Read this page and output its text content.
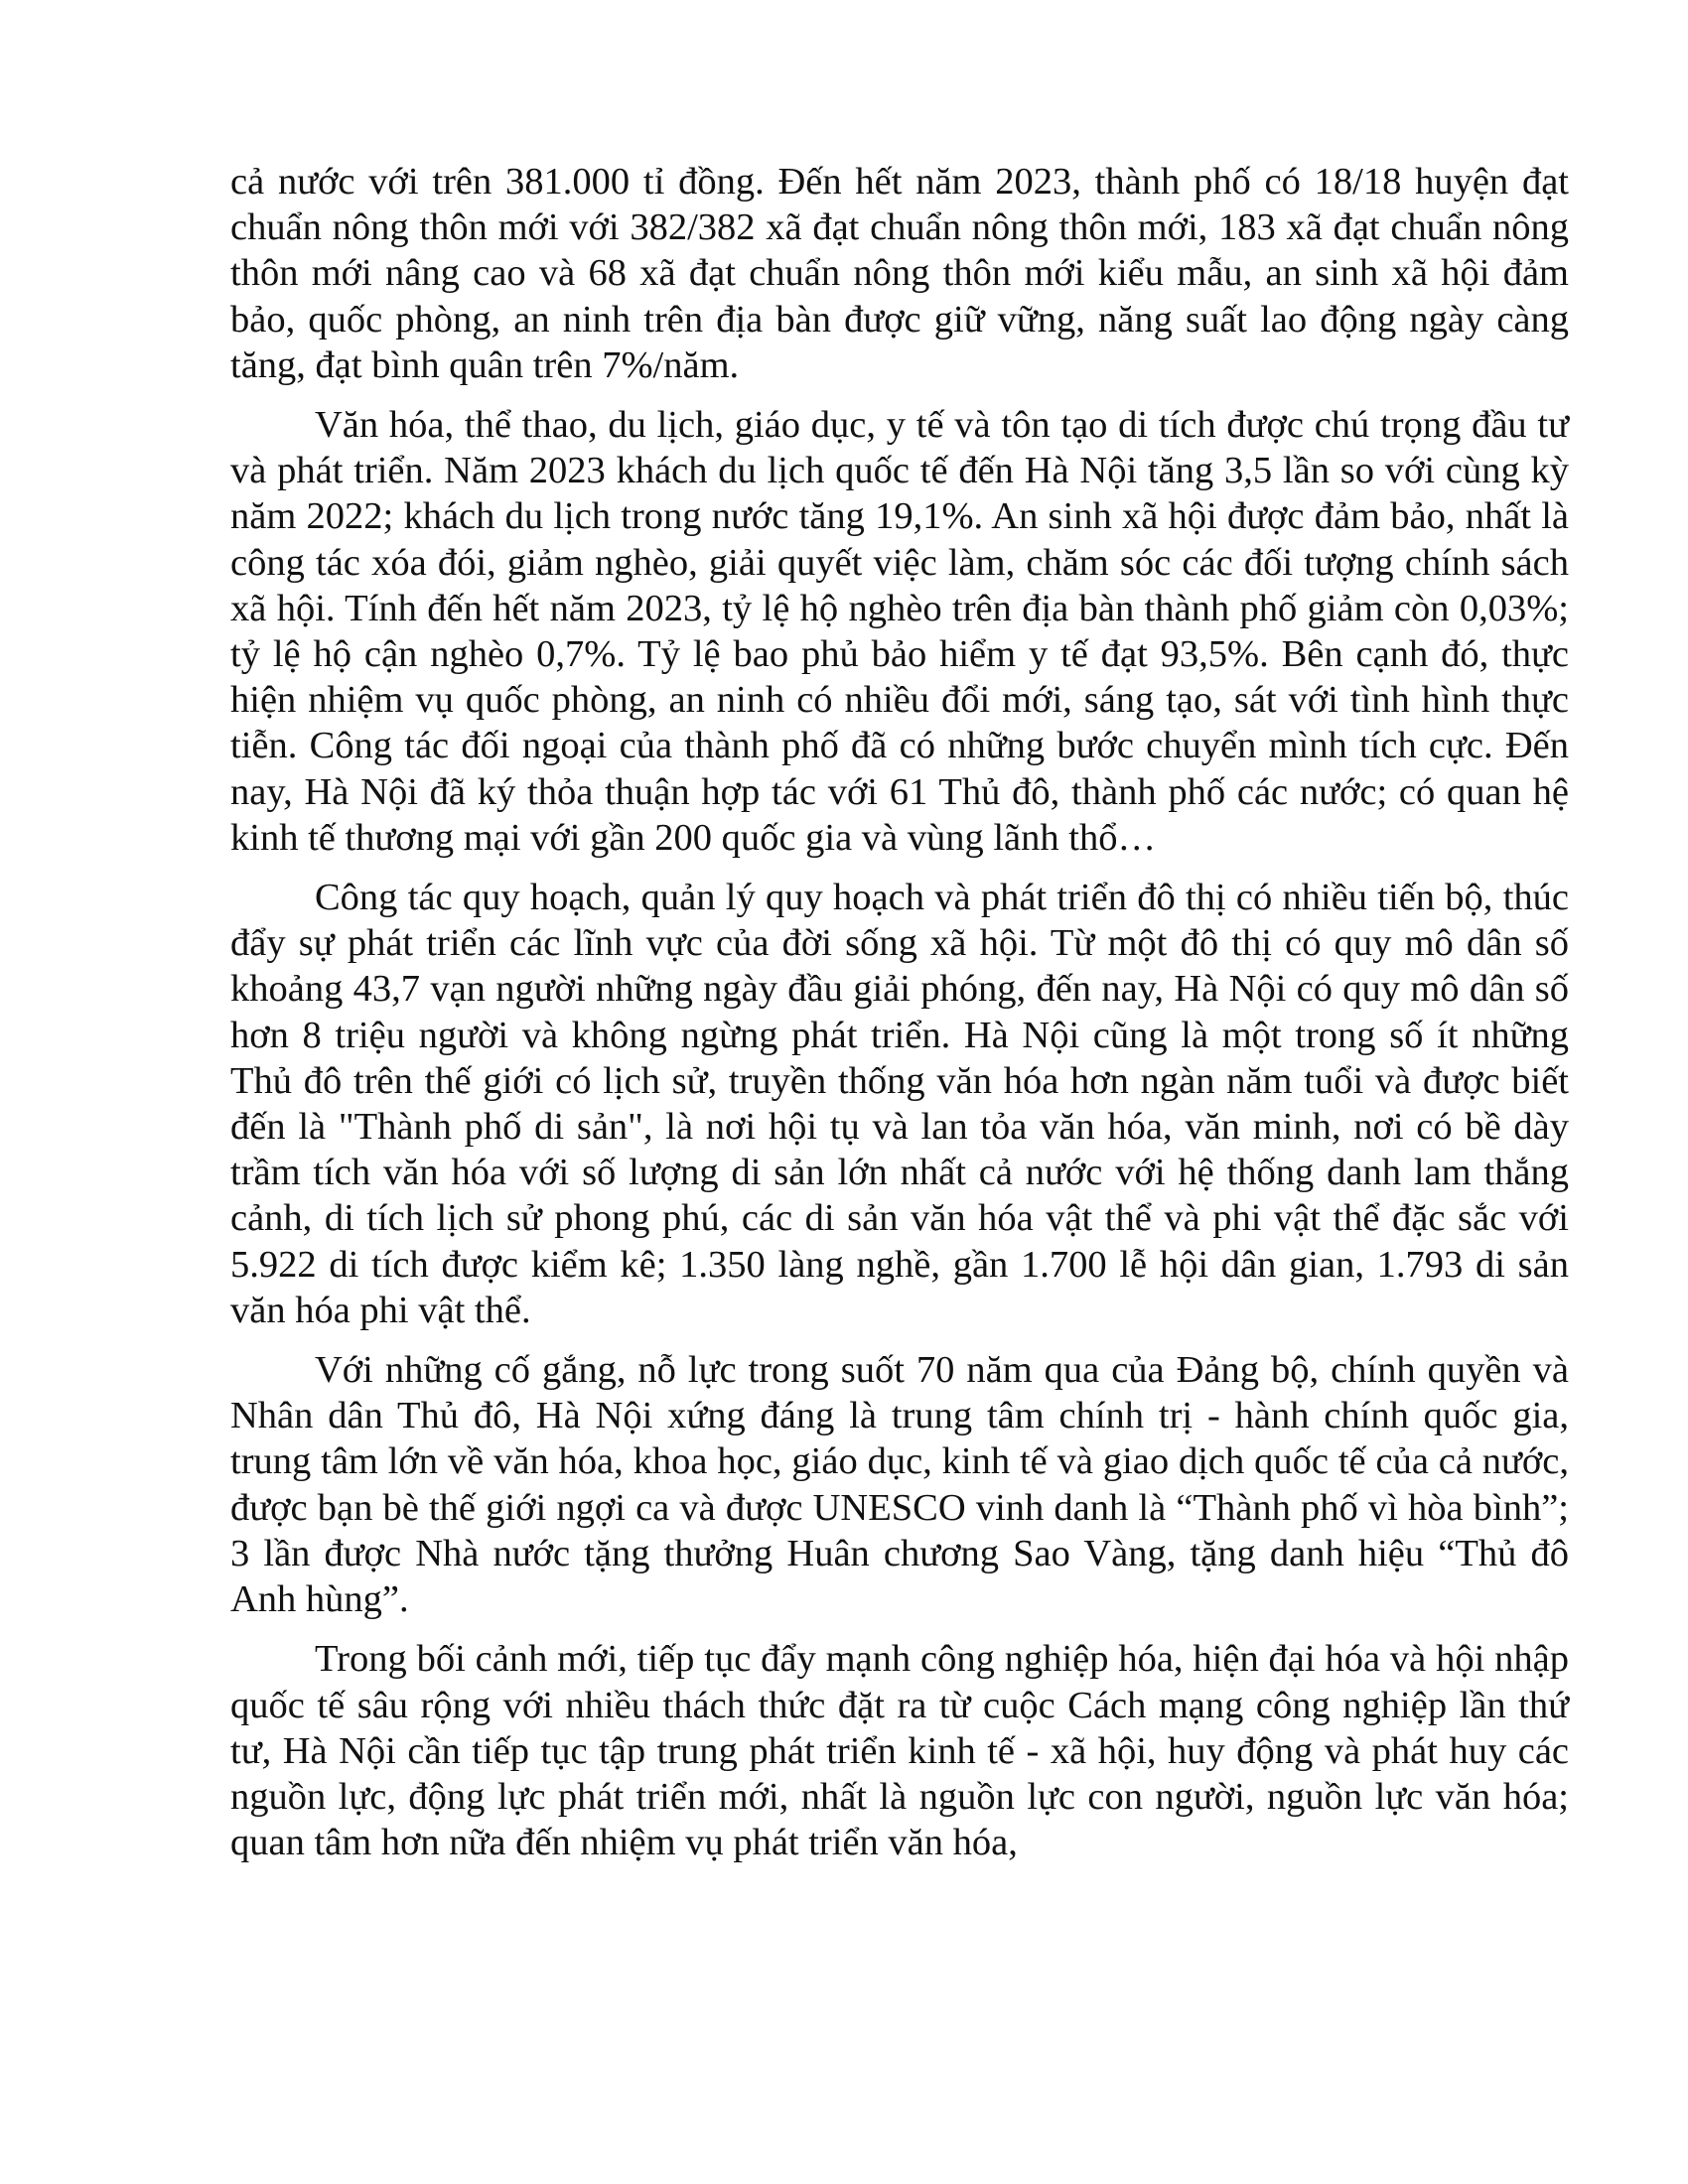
cả nước với trên 381.000 tỉ đồng. Đến hết năm 2023, thành phố có 18/18 huyện đạt chuẩn nông thôn mới với 382/382 xã đạt chuẩn nông thôn mới, 183 xã đạt chuẩn nông thôn mới nâng cao và 68 xã đạt chuẩn nông thôn mới kiểu mẫu, an sinh xã hội đảm bảo, quốc phòng, an ninh trên địa bàn được giữ vững, năng suất lao động ngày càng tăng, đạt bình quân trên 7%/năm.

Văn hóa, thể thao, du lịch, giáo dục, y tế và tôn tạo di tích được chú trọng đầu tư và phát triển. Năm 2023 khách du lịch quốc tế đến Hà Nội tăng 3,5 lần so với cùng kỳ năm 2022; khách du lịch trong nước tăng 19,1%. An sinh xã hội được đảm bảo, nhất là công tác xóa đói, giảm nghèo, giải quyết việc làm, chăm sóc các đối tượng chính sách xã hội. Tính đến hết năm 2023, tỷ lệ hộ nghèo trên địa bàn thành phố giảm còn 0,03%; tỷ lệ hộ cận nghèo 0,7%. Tỷ lệ bao phủ bảo hiểm y tế đạt 93,5%. Bên cạnh đó, thực hiện nhiệm vụ quốc phòng, an ninh có nhiều đổi mới, sáng tạo, sát với tình hình thực tiễn. Công tác đối ngoại của thành phố đã có những bước chuyển mình tích cực. Đến nay, Hà Nội đã ký thỏa thuận hợp tác với 61 Thủ đô, thành phố các nước; có quan hệ kinh tế thương mại với gần 200 quốc gia và vùng lãnh thổ…

Công tác quy hoạch, quản lý quy hoạch và phát triển đô thị có nhiều tiến bộ, thúc đẩy sự phát triển các lĩnh vực của đời sống xã hội. Từ một đô thị có quy mô dân số khoảng 43,7 vạn người những ngày đầu giải phóng, đến nay, Hà Nội có quy mô dân số hơn 8 triệu người và không ngừng phát triển. Hà Nội cũng là một trong số ít những Thủ đô trên thế giới có lịch sử, truyền thống văn hóa hơn ngàn năm tuổi và được biết đến là "Thành phố di sản", là nơi hội tụ và lan tỏa văn hóa, văn minh, nơi có bề dày trầm tích văn hóa với số lượng di sản lớn nhất cả nước với hệ thống danh lam thắng cảnh, di tích lịch sử phong phú, các di sản văn hóa vật thể và phi vật thể đặc sắc với 5.922 di tích được kiểm kê; 1.350 làng nghề, gần 1.700 lễ hội dân gian, 1.793 di sản văn hóa phi vật thể.

Với những cố gắng, nỗ lực trong suốt 70 năm qua của Đảng bộ, chính quyền và Nhân dân Thủ đô, Hà Nội xứng đáng là trung tâm chính trị - hành chính quốc gia, trung tâm lớn về văn hóa, khoa học, giáo dục, kinh tế và giao dịch quốc tế của cả nước, được bạn bè thế giới ngợi ca và được UNESCO vinh danh là “Thành phố vì hòa bình”; 3 lần được Nhà nước tặng thưởng Huân chương Sao Vàng, tặng danh hiệu “Thủ đô Anh hùng”.

Trong bối cảnh mới, tiếp tục đẩy mạnh công nghiệp hóa, hiện đại hóa và hội nhập quốc tế sâu rộng với nhiều thách thức đặt ra từ cuộc Cách mạng công nghiệp lần thứ tư, Hà Nội cần tiếp tục tập trung phát triển kinh tế - xã hội, huy động và phát huy các nguồn lực, động lực phát triển mới, nhất là nguồn lực con người, nguồn lực văn hóa; quan tâm hơn nữa đến nhiệm vụ phát triển văn hóa,
